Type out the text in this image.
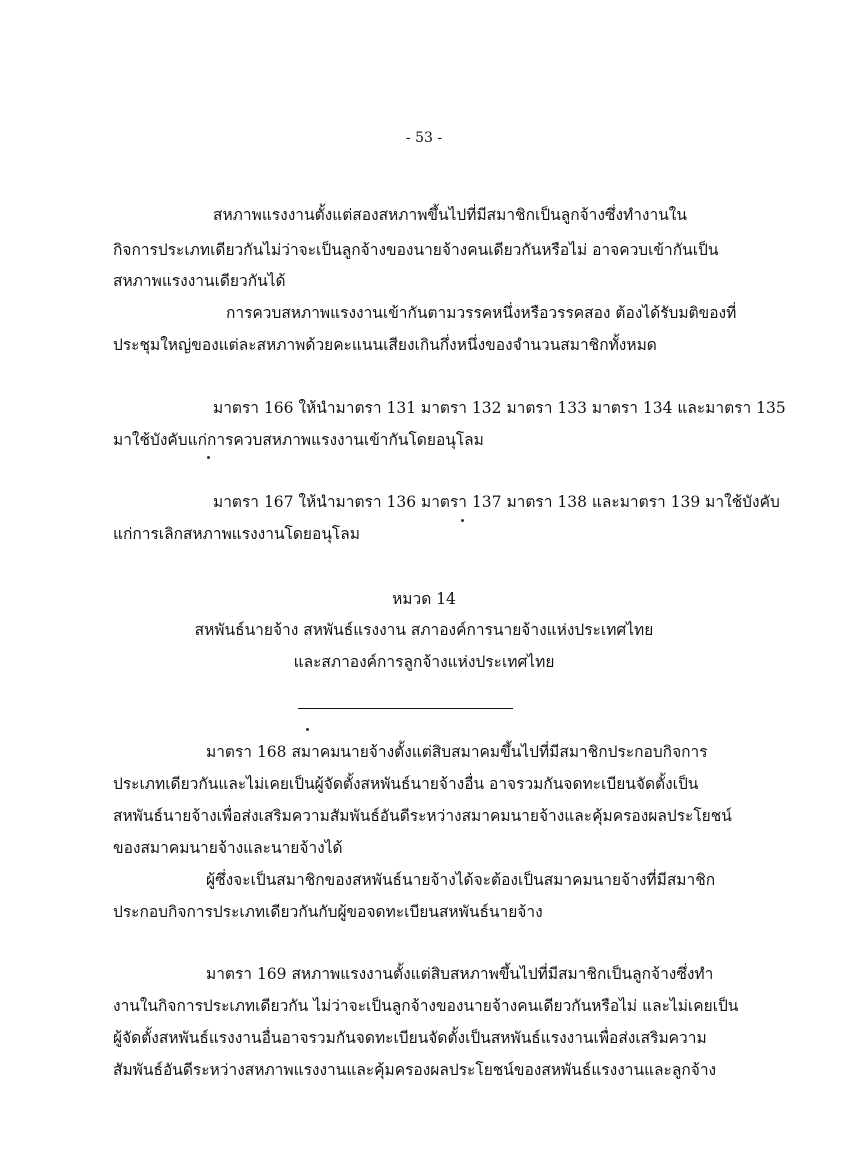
- 53 -
สหภาพแรงงานตั้งแต่สองสหภาพขึ้นไปที่มีสมาชิกเป็นลูกจ้างซึ่งทำงานใน
กิจการประเภทเดียวกันไม่ว่าจะเป็นลูกจ้างของนายจ้างคนเดียวกันหรือไม่ อาจควบเข้ากันเป็น
สหภาพแรงงานเดียวกันได้
การควบสหภาพแรงงานเข้ากันตามวรรคหนึ่งหรือวรรคสอง ต้องได้รับมติของที่
ประชุมใหญ่ของแต่ละสหภาพด้วยคะแนนเสียงเกินกึ่งหนึ่งของจำนวนสมาชิกทั้งหมด
มาตรา 166 ให้นำมาตรา 131 มาตรา 132 มาตรา 133 มาตรา 134 และมาตรา 135
มาใช้บังคับแก่การควบสหภาพแรงงานเข้ากันโดยอนุโลม
มาตรา 167 ให้นำมาตรา 136 มาตรา 137 มาตรา 138 และมาตรา 139 มาใช้บังคับ
แก่การเลิกสหภาพแรงงานโดยอนุโลม
หมวด 14
สหพันธ์นายจ้าง สหพันธ์แรงงาน สภาองค์การนายจ้างแห่งประเทศไทย
และสภาองค์การลูกจ้างแห่งประเทศไทย
มาตรา 168 สมาคมนายจ้างตั้งแต่สิบสมาคมขึ้นไปที่มีสมาชิกประกอบกิจการ
ประเภทเดียวกันและไม่เคยเป็นผู้จัดตั้งสหพันธ์นายจ้างอื่น อาจรวมกันจดทะเบียนจัดตั้งเป็น
สหพันธ์นายจ้างเพื่อส่งเสริมความสัมพันธ์อันดีระหว่างสมาคมนายจ้างและคุ้มครองผลประโยชน์
ของสมาคมนายจ้างและนายจ้างได้
ผู้ซึ่งจะเป็นสมาชิกของสหพันธ์นายจ้างได้จะต้องเป็นสมาคมนายจ้างที่มีสมาชิก
ประกอบกิจการประเภทเดียวกันกับผู้ขอจดทะเบียนสหพันธ์นายจ้าง
มาตรา 169 สหภาพแรงงานตั้งแต่สิบสหภาพขึ้นไปที่มีสมาชิกเป็นลูกจ้างซึ่งทำ
งานในกิจการประเภทเดียวกัน ไม่ว่าจะเป็นลูกจ้างของนายจ้างคนเดียวกันหรือไม่ และไม่เคยเป็น
ผู้จัดตั้งสหพันธ์แรงงานอื่นอาจรวมกันจดทะเบียนจัดตั้งเป็นสหพันธ์แรงงานเพื่อส่งเสริมความ
สัมพันธ์อันดีระหว่างสหภาพแรงงานและคุ้มครองผลประโยชน์ของสหพันธ์แรงงานและลูกจ้าง
